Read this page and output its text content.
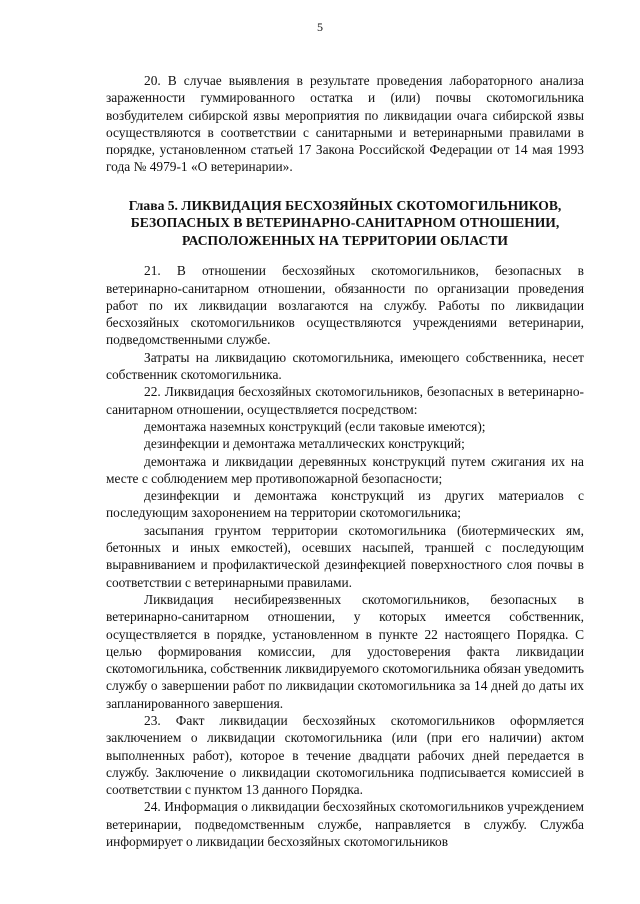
5

20. В случае выявления в результате проведения лабораторного анализа зараженности гуммированного остатка и (или) почвы скотомогильника возбудителем сибирской язвы мероприятия по ликвидации очага сибирской язвы осуществляются в соответствии с санитарными и ветеринарными правилами в порядке, установленном статьей 17 Закона Российской Федерации от 14 мая 1993 года № 4979-1 «О ветеринарии».

Глава 5. ЛИКВИДАЦИЯ БЕСХОЗЯЙНЫХ СКОТОМОГИЛЬНИКОВ,
БЕЗОПАСНЫХ В ВЕТЕРИНАРНО-САНИТАРНОМ ОТНОШЕНИИ,
РАСПОЛОЖЕННЫХ НА ТЕРРИТОРИИ ОБЛАСТИ

21. В отношении бесхозяйных скотомогильников, безопасных в ветеринарно-санитарном отношении, обязанности по организации проведения работ по их ликвидации возлагаются на службу. Работы по ликвидации бесхозяйных скотомогильников осуществляются учреждениями ветеринарии, подведомственными службе.

Затраты на ликвидацию скотомогильника, имеющего собственника, несет собственник скотомогильника.

22. Ликвидация бесхозяйных скотомогильников, безопасных в ветеринарно-санитарном отношении, осуществляется посредством:

демонтажа наземных конструкций (если таковые имеются);

дезинфекции и демонтажа металлических конструкций;

демонтажа и ликвидации деревянных конструкций путем сжигания их на месте с соблюдением мер противопожарной безопасности;

дезинфекции и демонтажа конструкций из других материалов с последующим захоронением на территории скотомогильника;

засыпания грунтом территории скотомогильника (биотермических ям, бетонных и иных емкостей), осевших насыпей, траншей с последующим выравниванием и профилактической дезинфекцией поверхностного слоя почвы в соответствии с ветеринарными правилами.

Ликвидация несибиреязвенных скотомогильников, безопасных в ветеринарно-санитарном отношении, у которых имеется собственник, осуществляется в порядке, установленном в пункте 22 настоящего Порядка. С целью формирования комиссии, для удостоверения факта ликвидации скотомогильника, собственник ликвидируемого скотомогильника обязан уведомить службу о завершении работ по ликвидации скотомогильника за 14 дней до даты их запланированного завершения.

23. Факт ликвидации бесхозяйных скотомогильников оформляется заключением о ликвидации скотомогильника (или (при его наличии) актом выполненных работ), которое в течение двадцати рабочих дней передается в службу. Заключение о ликвидации скотомогильника подписывается комиссией в соответствии с пунктом 13 данного Порядка.

24. Информация о ликвидации бесхозяйных скотомогильников учреждением ветеринарии, подведомственным службе, направляется в службу. Служба информирует о ликвидации бесхозяйных скотомогильников
